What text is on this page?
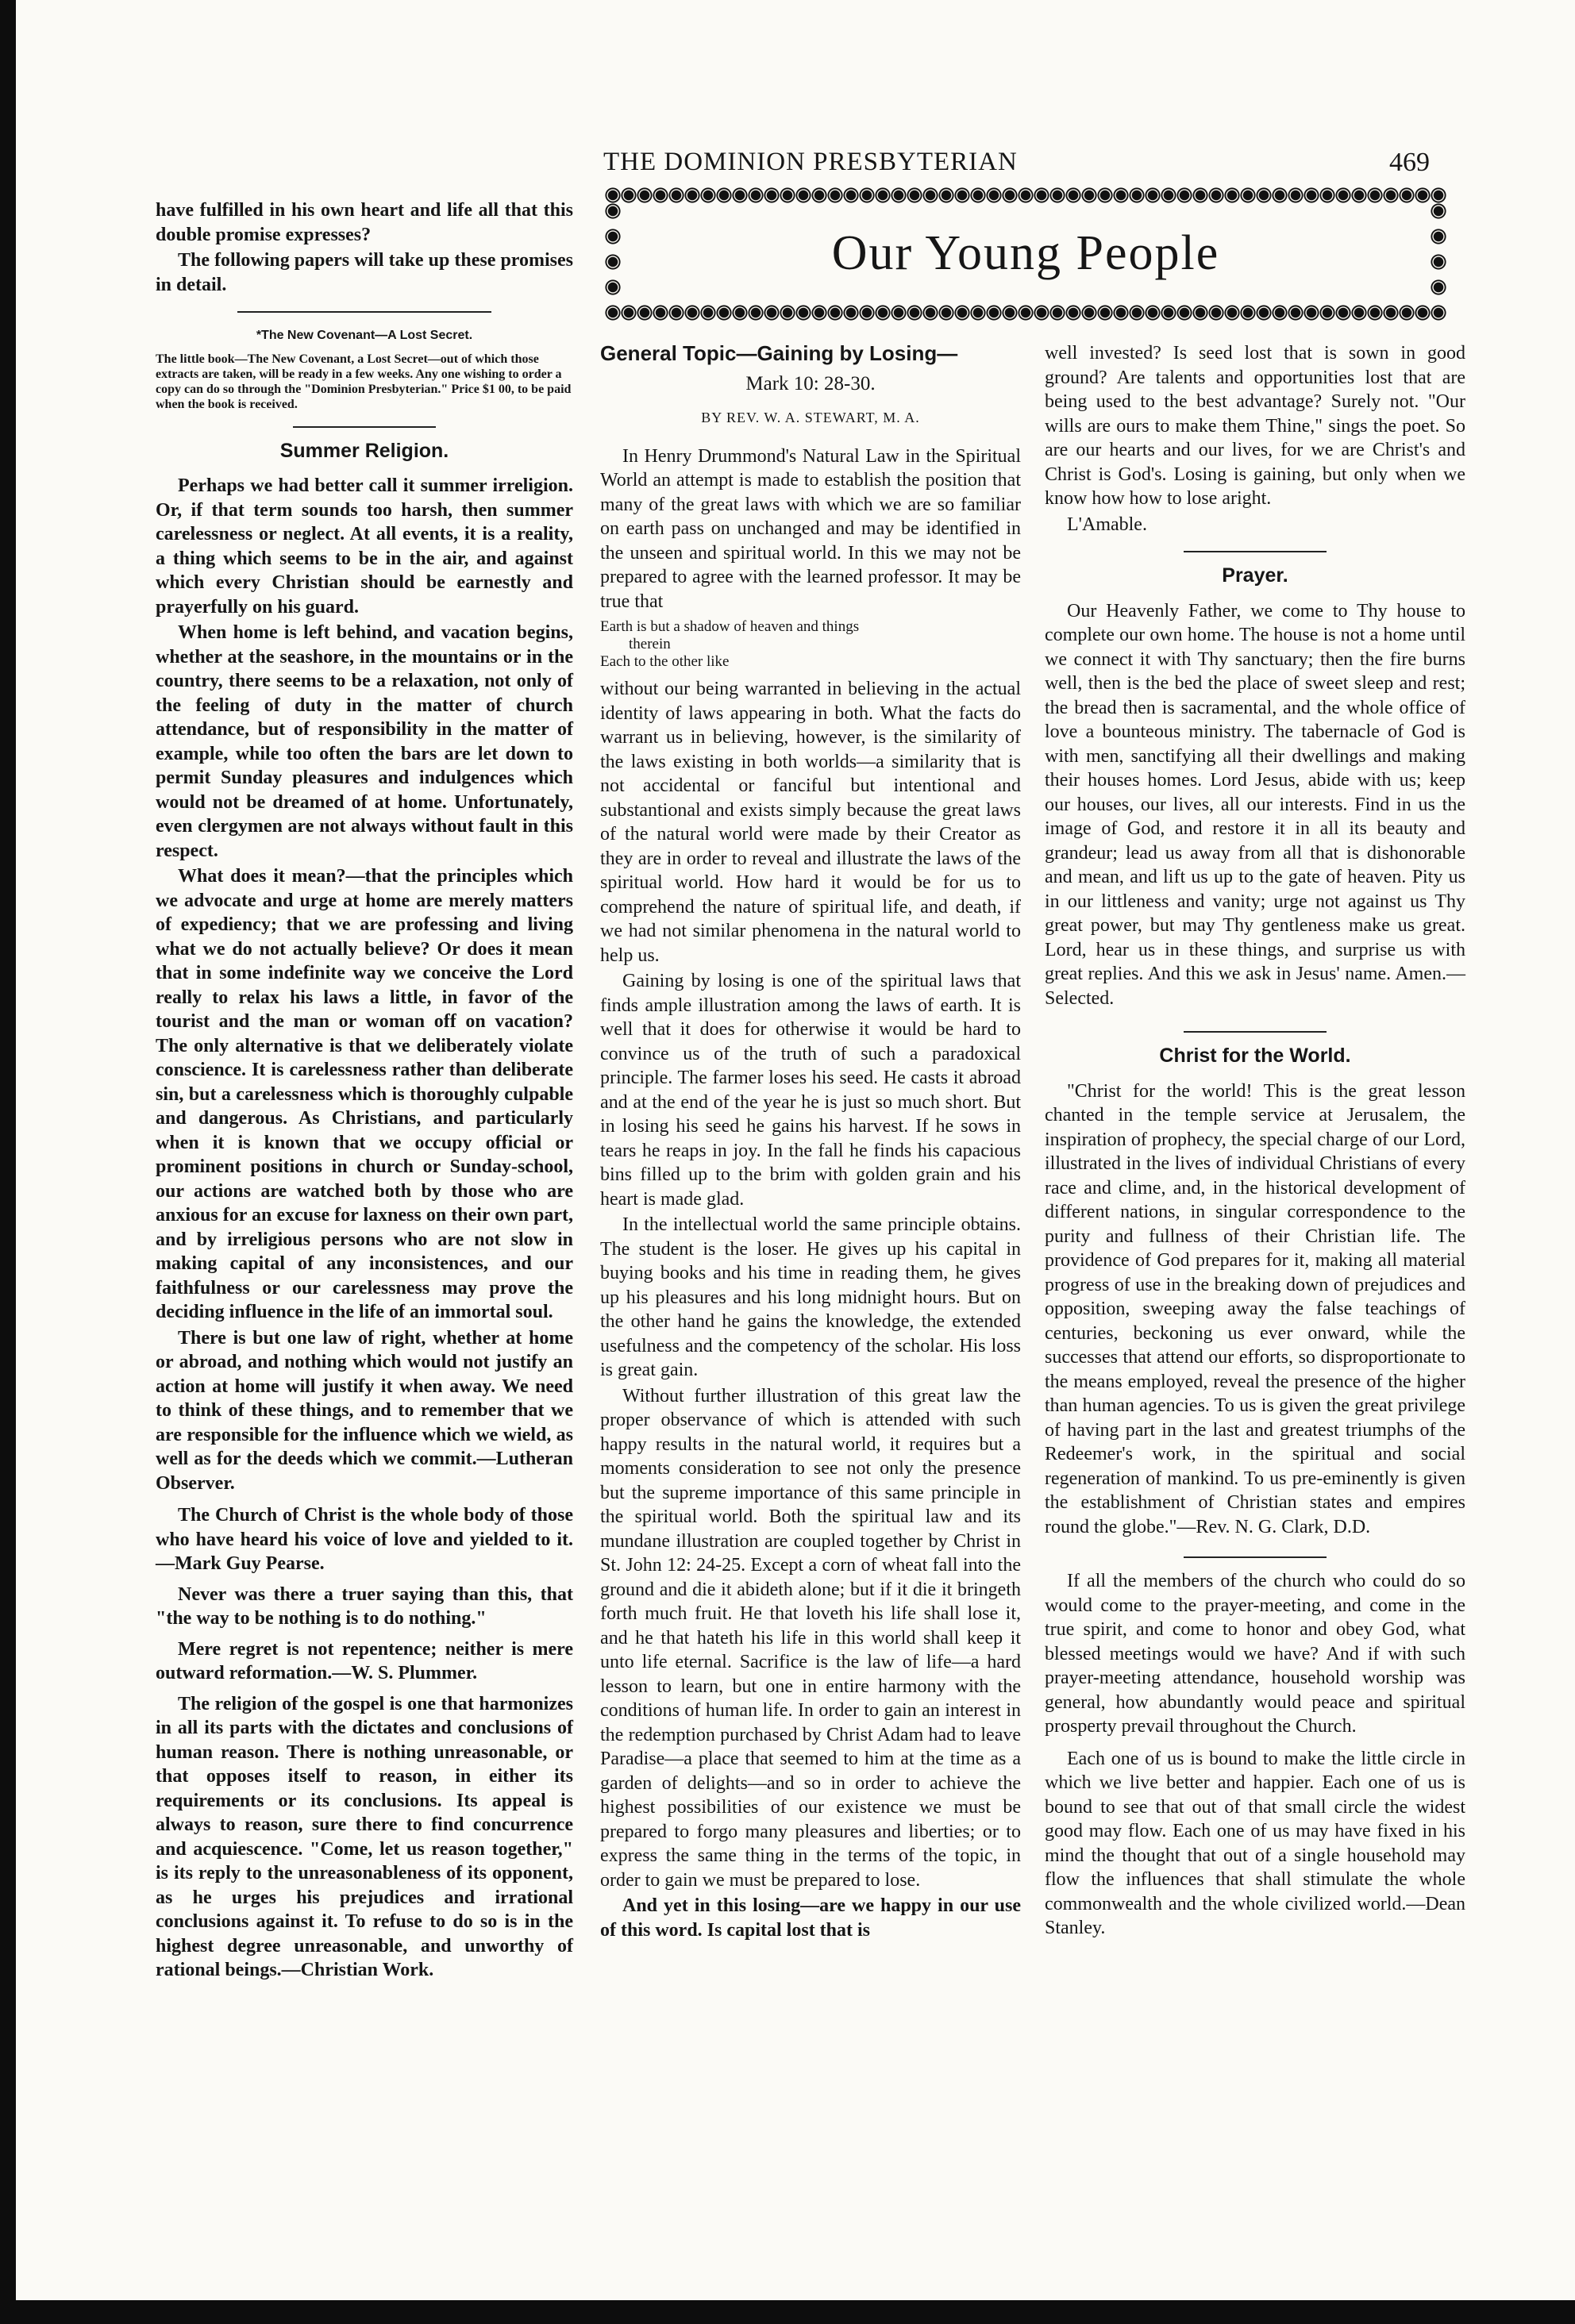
THE DOMINION PRESBYTERIAN	469
Our Young People

have fulfilled in his own heart and life all that this double promise expresses?

The following papers will take up these promises in detail.

*The New Covenant—A Lost Secret.
The little book—The New Covenant, a Lost Secret—out of which those extracts are taken, will be ready in a few weeks. Any one wishing to order a copy can do so through the "Dominion Presbyterian." Price $1 00, to be paid when the book is received.
Summer Religion.

Perhaps we had better call it summer irreligion. Or, if that term sounds too harsh, then summer carelessness or neglect. At all events, it is a reality, a thing which seems to be in the air, and against which every Christian should be earnestly and prayerfully on his guard.

When home is left behind, and vacation begins, whether at the seashore, in the mountains or in the country, there seems to be a relaxation, not only of the feeling of duty in the matter of church attendance, but of responsibility in the matter of example, while too often the bars are let down to permit Sunday pleasures and indulgences which would not be dreamed of at home. Unfortunately, even clergymen are not always without fault in this respect.

What does it mean?—that the principles which we advocate and urge at home are merely matters of expediency; that we are professing and living what we do not actually believe? Or does it mean that in some indefinite way we conceive the Lord really to relax his laws a little, in favor of the tourist and the man or woman off on vacation? The only alternative is that we deliberately violate conscience. It is carelessness rather than deliberate sin, but a carelessness which is thoroughly culpable and dangerous. As Christians, and particularly when it is known that we occupy official or prominent positions in church or Sunday-school, our actions are watched both by those who are anxious for an excuse for laxness on their own part, and by irreligious persons who are not slow in making capital of any inconsistences, and our faithfulness or our carelessness may prove the deciding influence in the life of an immortal soul.

There is but one law of right, whether at home or abroad, and nothing which would not justify an action at home will justify it when away. We need to think of these things, and to remember that we are responsible for the influence which we wield, as well as for the deeds which we commit.—Lutheran Observer.

The Church of Christ is the whole body of those who have heard his voice of love and yielded to it.—Mark Guy Pearse.

Never was there a truer saying than this, that "the way to be nothing is to do nothing."

Mere regret is not repentence; neither is mere outward reformation.—W. S. Plummer.

The religion of the gospel is one that harmonizes in all its parts with the dictates and conclusions of human reason. There is nothing unreasonable, or that opposes itself to reason, in either its requirements or its conclusions. Its appeal is always to reason, sure there to find concurrence and acquiescence. "Come, let us reason together," is its reply to the unreasonableness of its opponent, as he urges his prejudices and irrational conclusions against it. To refuse to do so is in the highest degree unreasonable, and unworthy of rational beings.—Christian Work.

General Topic—Gaining by Losing—
Mark 10: 28-30.
BY REV. W. A. STEWART, M. A.

In Henry Drummond's Natural Law in the Spiritual World an attempt is made to establish the position that many of the great laws with which we are so familiar on earth pass on unchanged and may be identified in the unseen and spiritual world. In this we may not be prepared to agree with the learned professor. It may be true that

Earth is but a shadow of heaven and things
therein
Each to the other like

without our being warranted in believing in the actual identity of laws appearing in both. What the facts do warrant us in believing, however, is the similarity of the laws existing in both worlds—a similarity that is not accidental or fanciful but intentional and substantional and exists simply because the great laws of the natural world were made by their Creator as they are in order to reveal and illustrate the laws of the spiritual world. How hard it would be for us to comprehend the nature of spiritual life, and death, if we had not similar phenomena in the natural world to help us.

Gaining by losing is one of the spiritual laws that finds ample illustration among the laws of earth. It is well that it does for otherwise it would be hard to convince us of the truth of such a paradoxical principle. The farmer loses his seed. He casts it abroad and at the end of the year he is just so much short. But in losing his seed he gains his harvest. If he sows in tears he reaps in joy. In the fall he finds his capacious bins filled up to the brim with golden grain and his heart is made glad.

In the intellectual world the same principle obtains. The student is the loser. He gives up his capital in buying books and his time in reading them, he gives up his pleasures and his long midnight hours. But on the other hand he gains the knowledge, the extended usefulness and the competency of the scholar. His loss is great gain.

Without further illustration of this great law the proper observance of which is attended with such happy results in the natural world, it requires but a moments consideration to see not only the presence but the supreme importance of this same principle in the spiritual world. Both the spiritual law and its mundane illustration are coupled together by Christ in St. John 12: 24-25. Except a corn of wheat fall into the ground and die it abideth alone; but if it die it bringeth forth much fruit. He that loveth his life shall lose it, and he that hateth his life in this world shall keep it unto life eternal. Sacrifice is the law of life—a hard lesson to learn, but one in entire harmony with the conditions of human life. In order to gain an interest in the redemption purchased by Christ Adam had to leave Paradise—a place that seemed to him at the time as a garden of delights—and so in order to achieve the highest possibilities of our existence we must be prepared to forgo many pleasures and liberties; or to express the same thing in the terms of the topic, in order to gain we must be prepared to lose.

And yet in this losing—are we happy in our use of this word. Is capital lost that is

well invested? Is seed lost that is sown in good ground? Are talents and opportunities lost that are being used to the best advantage? Surely not. "Our wills are ours to make them Thine," sings the poet. So are our hearts and our lives, for we are Christ's and Christ is God's. Losing is gaining, but only when we know how how to lose aright.

L'Amable.

Prayer.

Our Heavenly Father, we come to Thy house to complete our own home. The house is not a home until we connect it with Thy sanctuary; then the fire burns well, then is the bed the place of sweet sleep and rest; the bread then is sacramental, and the whole office of love a bounteous ministry. The tabernacle of God is with men, sanctifying all their dwellings and making their houses homes. Lord Jesus, abide with us; keep our houses, our lives, all our interests. Find in us the image of God, and restore it in all its beauty and grandeur; lead us away from all that is dishonorable and mean, and lift us up to the gate of heaven. Pity us in our littleness and vanity; urge not against us Thy great power, but may Thy gentleness make us great. Lord, hear us in these things, and surprise us with great replies. And this we ask in Jesus' name. Amen.—Selected.

Christ for the World.

"Christ for the world! This is the great lesson chanted in the temple service at Jerusalem, the inspiration of prophecy, the special charge of our Lord, illustrated in the lives of individual Christians of every race and clime, and, in the historical development of different nations, in singular correspondence to the purity and fullness of their Christian life. The providence of God prepares for it, making all material progress of use in the breaking down of prejudices and opposition, sweeping away the false teachings of centuries, beckoning us ever onward, while the successes that attend our efforts, so disproportionate to the means employed, reveal the presence of the higher than human agencies. To us is given the great privilege of having part in the last and greatest triumphs of the Redeemer's work, in the spiritual and social regeneration of mankind. To us pre-eminently is given the establishment of Christian states and empires round the globe."—Rev. N. G. Clark, D.D.

If all the members of the church who could do so would come to the prayer-meeting, and come in the true spirit, and come to honor and obey God, what blessed meetings would we have? And if with such prayer-meeting attendance, household worship was general, how abundantly would peace and spiritual prosperty prevail throughout the Church.

Each one of us is bound to make the little circle in which we live better and happier. Each one of us is bound to see that out of that small circle the widest good may flow. Each one of us may have fixed in his mind the thought that out of a single household may flow the influences that shall stimulate the whole commonwealth and the whole civilized world.—Dean Stanley.
